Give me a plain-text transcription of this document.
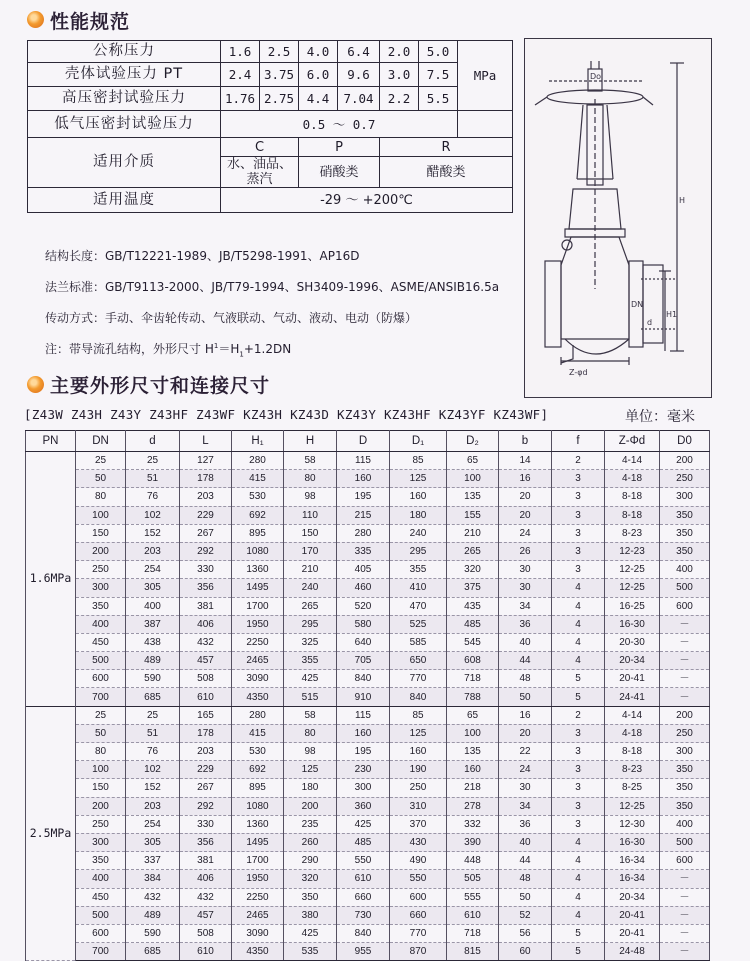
性能规范
公称压力	1.6	2.5	4.0	6.4	2.0	5.0	MPa
壳体试验压力 PT	2.4	3.75	6.0	9.6	3.0	7.5	
高压密封试验压力	1.76	2.75	4.4	7.04	2.2	5.5	
低气压密封试验压力	0.5 ～ 0.7						
适用介质	C		P		R		
	水、油品、蒸汽		硝酸类		醋酸类		
适用温度	-29 ～ +200℃						
结构长度：GB/T12221-1989、JB/T5298-1991、AP16D
法兰标准：GB/T9113-2000、JB/T79-1994、SH3409-1996、ASME/ANSIB16.5a
传动方式：手动、伞齿轮传动、气液联动、气动、液动、电动（防爆）
注：带导流孔结构，外形尺寸 $H^1=H_1+1.2DN$
Do
H
H1
DN
d
Z-φd
主要外形尺寸和连接尺寸
[Z43W Z43H Z43Y Z43HF Z43WF KZ43H KZ43D KZ43Y KZ43HF KZ43YF KZ43WF]	单位：毫米
PN	DN	d	L	H₁	H	D	D₁	D₂	b	f	Z-Φd	D0
1.6MPa	25	25	127	280	58	115	85	65	14	2	4-14	200
	50	51	178	415	80	160	125	100	16	3	4-18	250
	80	76	203	530	98	195	160	135	20	3	8-18	300
	100	102	229	692	110	215	180	155	20	3	8-18	350
	150	152	267	895	150	280	240	210	24	3	8-23	350
	200	203	292	1080	170	335	295	265	26	3	12-23	350
	250	254	330	1360	210	405	355	320	30	3	12-25	400
	300	305	356	1495	240	460	410	375	30	4	12-25	500
	350	400	381	1700	265	520	470	435	34	4	16-25	600
	400	387	406	1950	295	580	525	485	36	4	16-30	－
	450	438	432	2250	325	640	585	545	40	4	20-30	－
	500	489	457	2465	355	705	650	608	44	4	20-34	－
	600	590	508	3090	425	840	770	718	48	5	20-41	－
	700	685	610	4350	515	910	840	788	50	5	24-41	－
2.5MPa	25	25	165	280	58	115	85	65	16	2	4-14	200
	50	51	178	415	80	160	125	100	20	3	4-18	250
	80	76	203	530	98	195	160	135	22	3	8-18	300
	100	102	229	692	125	230	190	160	24	3	8-23	350
	150	152	267	895	180	300	250	218	30	3	8-25	350
	200	203	292	1080	200	360	310	278	34	3	12-25	350
	250	254	330	1360	235	425	370	332	36	3	12-30	400
	300	305	356	1495	260	485	430	390	40	4	16-30	500
	350	337	381	1700	290	550	490	448	44	4	16-34	600
	400	384	406	1950	320	610	550	505	48	4	16-34	－
	450	432	432	2250	350	660	600	555	50	4	20-34	－
	500	489	457	2465	380	730	660	610	52	4	20-41	－
	600	590	508	3090	425	840	770	718	56	5	20-41	－
	700	685	610	4350	535	955	870	815	60	5	24-48	－
